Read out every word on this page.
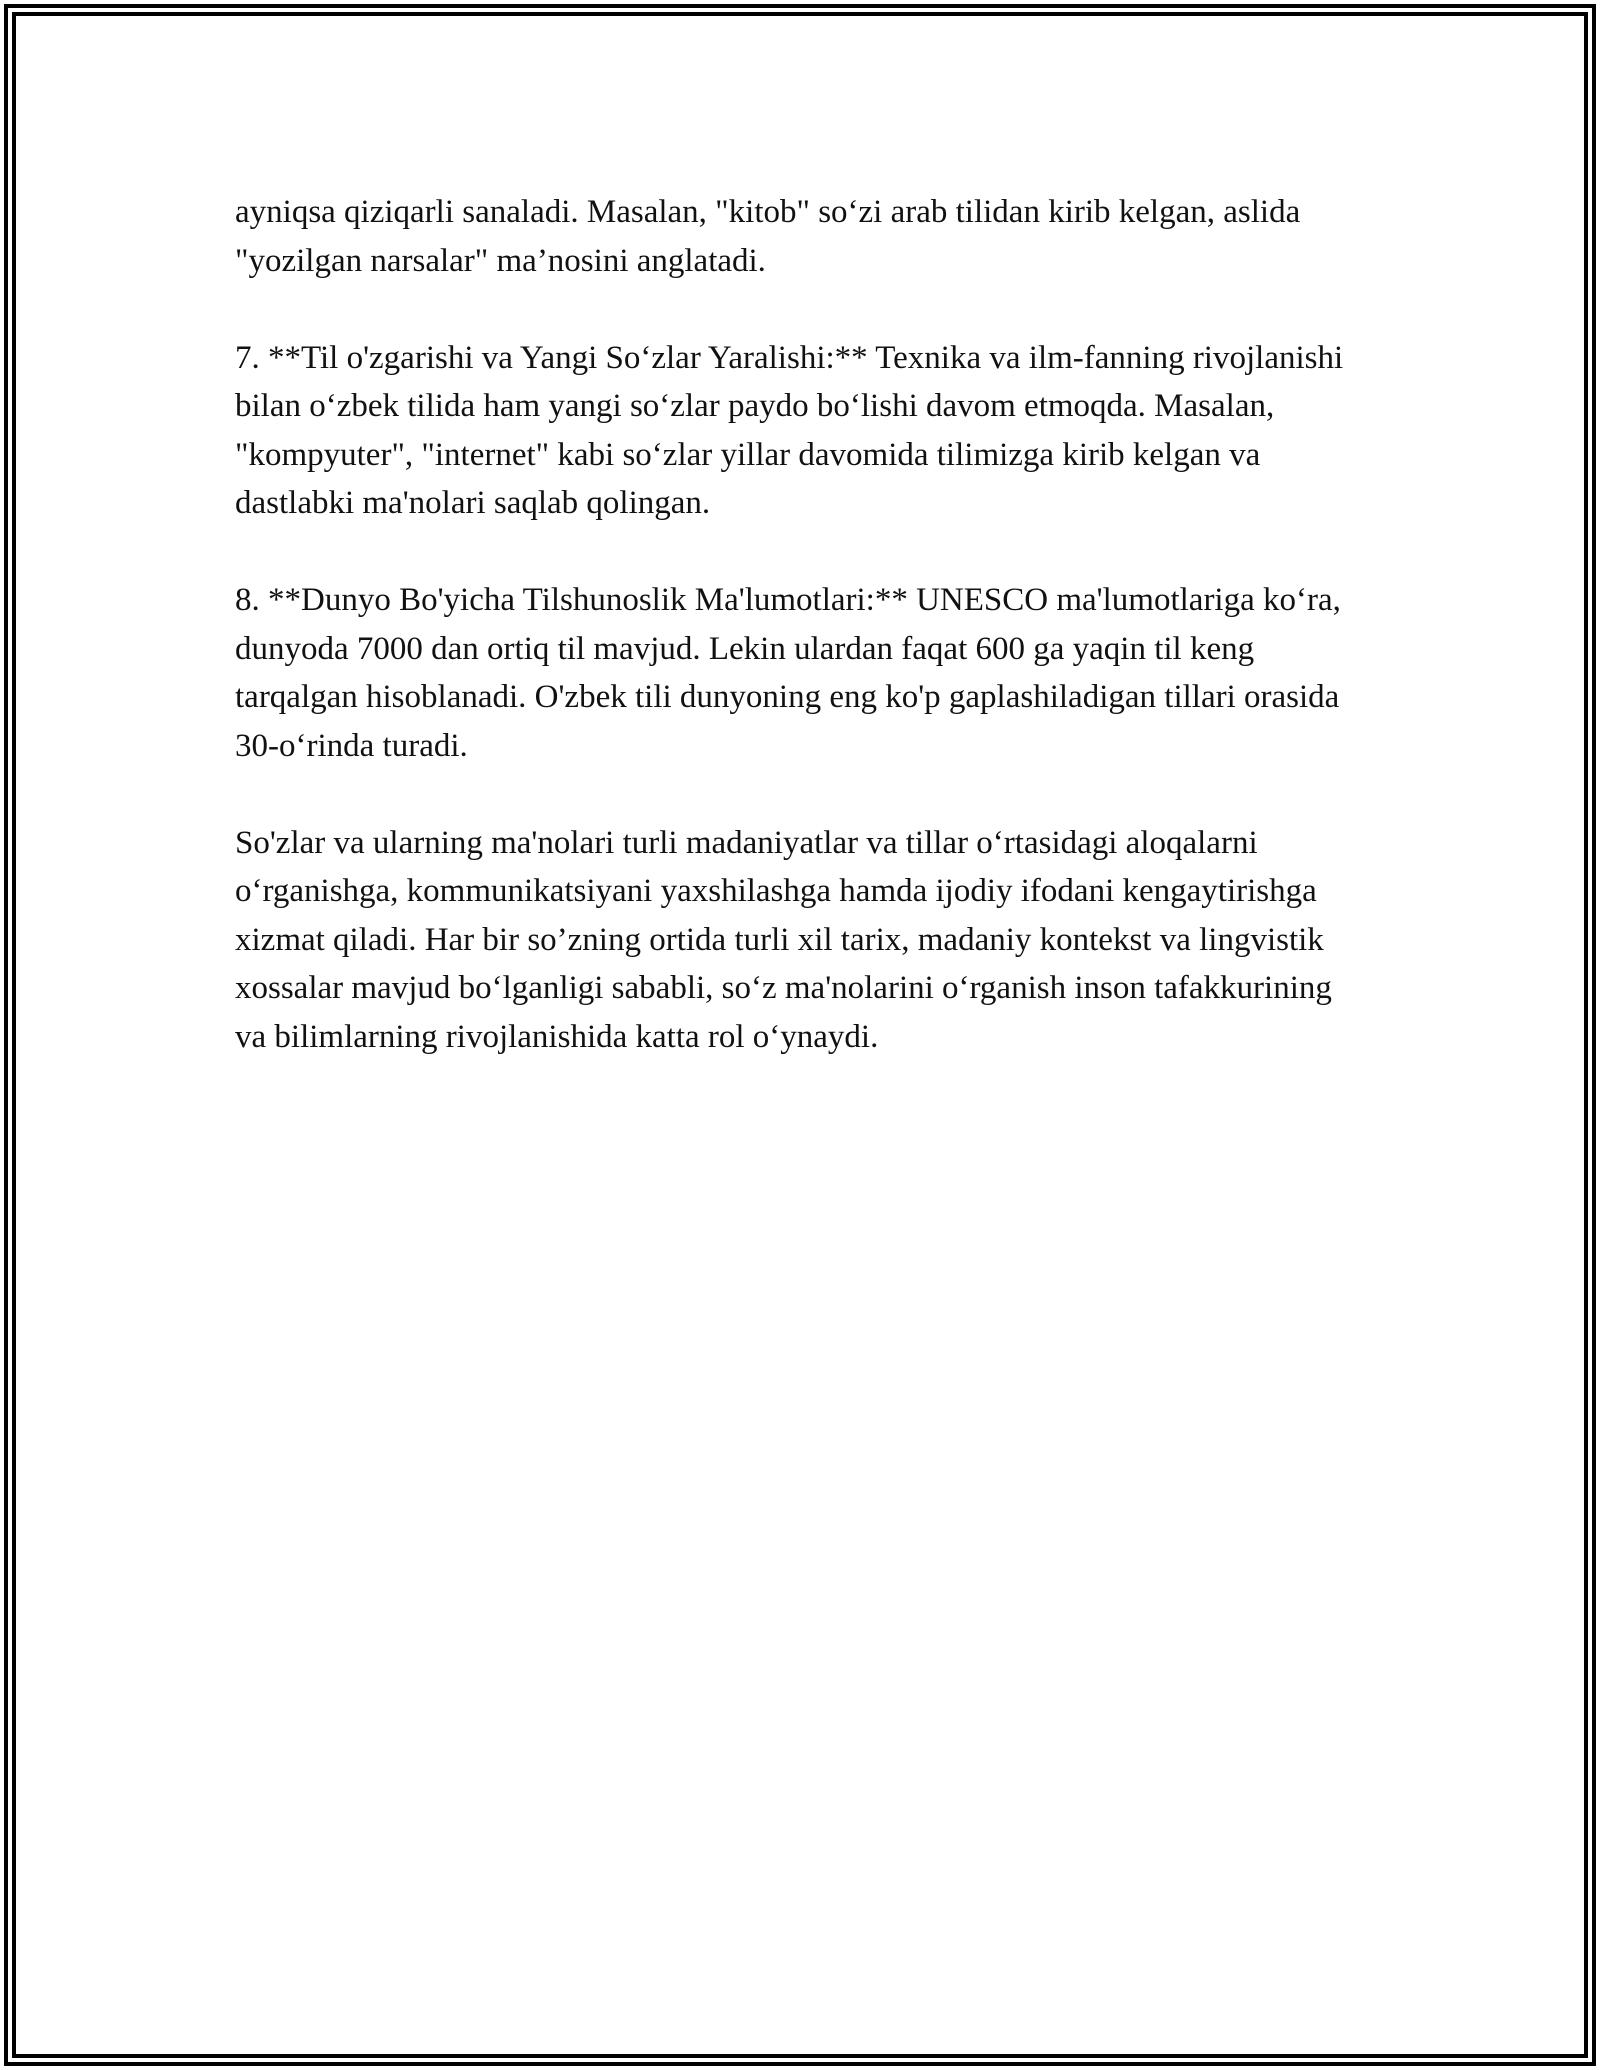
ayniqsa qiziqarli sanaladi. Masalan, "kitob" so‘zi arab tilidan kirib kelgan, aslida "yozilgan narsalar" ma’nosini anglatadi.

7. **Til o'zgarishi va Yangi So‘zlar Yaralishi:** Texnika va ilm-fanning rivojlanishi bilan o‘zbek tilida ham yangi so‘zlar paydo bo‘lishi davom etmoqda. Masalan, "kompyuter", "internet" kabi so‘zlar yillar davomida tilimizga kirib kelgan va dastlabki ma'nolari saqlab qolingan.

8. **Dunyo Bo'yicha Tilshunoslik Ma'lumotlari:** UNESCO ma'lumotlariga ko‘ra, dunyoda 7000 dan ortiq til mavjud. Lekin ulardan faqat 600 ga yaqin til keng tarqalgan hisoblanadi. O'zbek tili dunyoning eng ko'p gaplashiladigan tillari orasida 30-o‘rinda turadi.

So'zlar va ularning ma'nolari turli madaniyatlar va tillar o‘rtasidagi aloqalarni o‘rganishga, kommunikatsiyani yaxshilashga hamda ijodiy ifodani kengaytirishga xizmat qiladi. Har bir so’zning ortida turli xil tarix, madaniy kontekst va lingvistik xossalar mavjud bo‘lganligi sababli, so‘z ma'nolarini o‘rganish inson tafakkurining va bilimlarning rivojlanishida katta rol o‘ynaydi.
